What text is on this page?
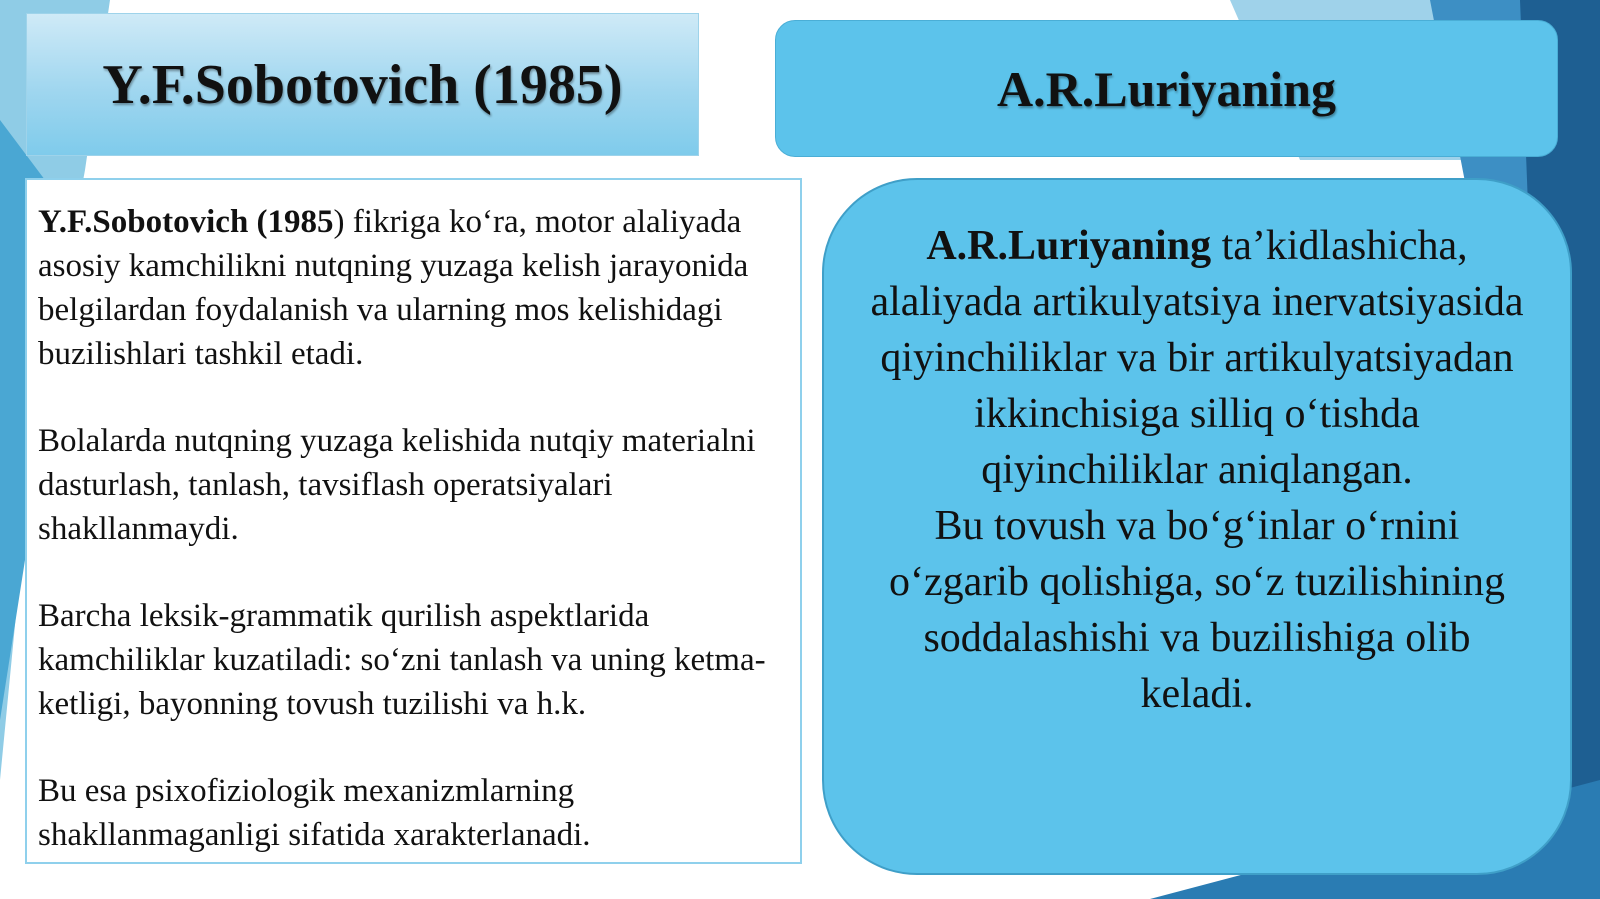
Y.F.Sobotovich (1985)	A.R.Luriyaning

Y.F.Sobotovich (1985) fikriga ko‘ra, motor alaliyada asosiy kamchilikni nutqning yuzaga kelish jarayonida belgilardan foydalanish va ularning mos kelishidagi buzilishlari tashkil etadi.

Bolalarda nutqning yuzaga kelishida nutqiy materialni dasturlash, tanlash, tavsiflash operatsiyalari shakllanmaydi.

Barcha leksik-grammatik qurilish aspektlarida kamchiliklar kuzatiladi: so‘zni tanlash va uning ketma-ketligi, bayonning tovush tuzilishi va h.k.

Bu esa psixofiziologik mexanizmlarning shakllanmaganligi sifatida xarakterlanadi.

A.R.Luriyaning ta’kidlashicha, alaliyada artikulyatsiya inervatsiyasida qiyinchiliklar va bir artikulyatsiyadan ikkinchisiga silliq o‘tishda qiyinchiliklar aniqlangan.

Bu tovush va bo‘g‘inlar o‘rnini o‘zgarib qolishiga, so‘z tuzilishining soddalashishi va buzilishiga olib keladi.
